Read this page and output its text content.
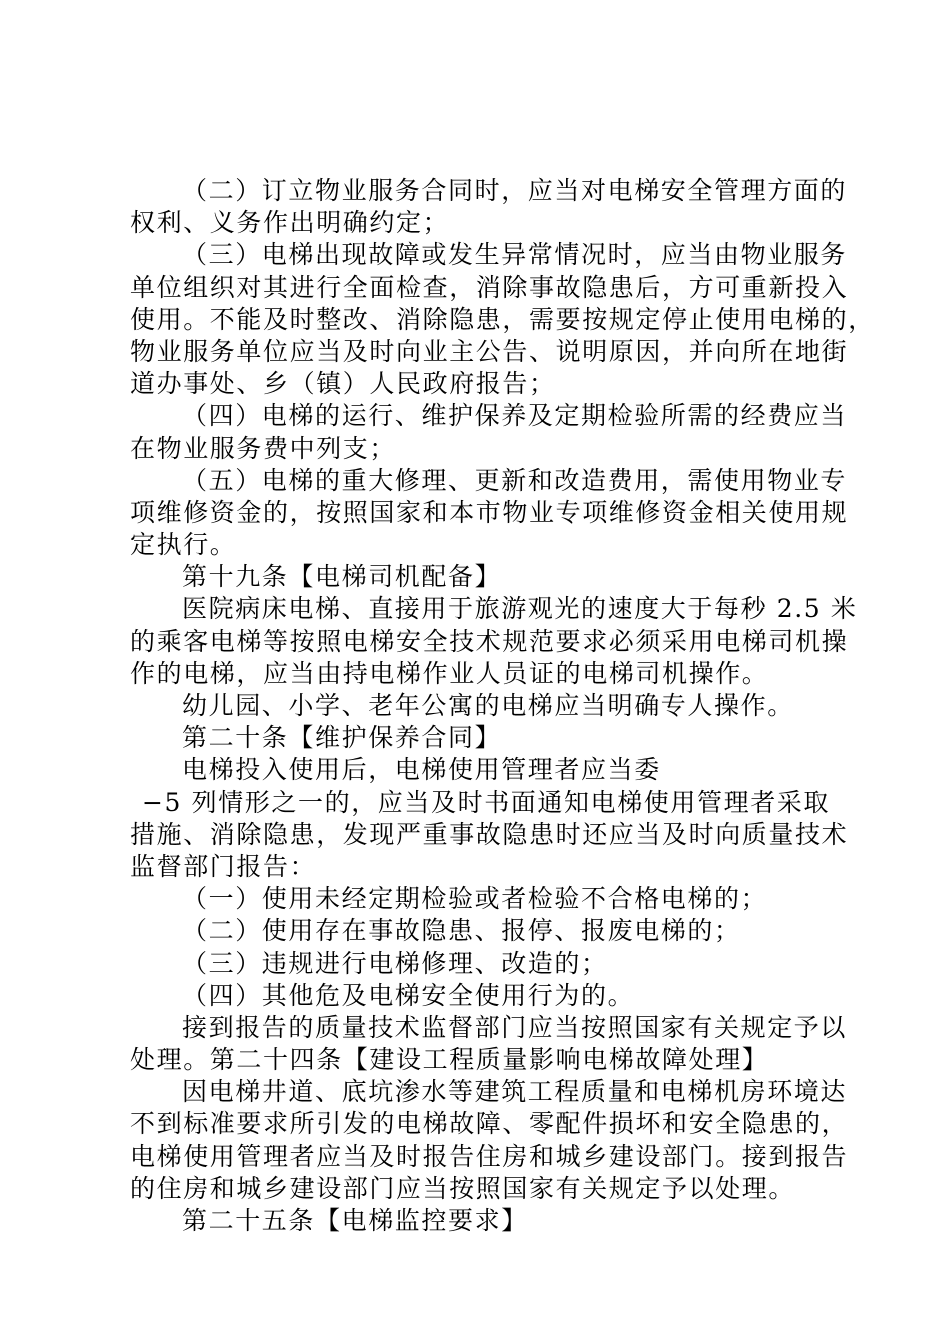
（二）订立物业服务合同时，应当对电梯安全管理方面的
权利、义务作出明确约定；
（三）电梯出现故障或发生异常情况时，应当由物业服务
单位组织对其进行全面检查，消除事故隐患后，方可重新投入
使用。不能及时整改、消除隐患，需要按规定停止使用电梯的，
物业服务单位应当及时向业主公告、说明原因，并向所在地街
道办事处、乡（镇）人民政府报告；
（四）电梯的运行、维护保养及定期检验所需的经费应当
在物业服务费中列支；
（五）电梯的重大修理、更新和改造费用，需使用物业专
项维修资金的，按照国家和本市物业专项维修资金相关使用规
定执行。
第十九条【电梯司机配备】
医院病床电梯、直接用于旅游观光的速度大于每秒 2.5 米
的乘客电梯等按照电梯安全技术规范要求必须采用电梯司机操
作的电梯，应当由持电梯作业人员证的电梯司机操作。
幼儿园、小学、老年公寓的电梯应当明确专人操作。
第二十条【维护保养合同】
电梯投入使用后，电梯使用管理者应当委
−5 列情形之一的，应当及时书面通知电梯使用管理者采取
措施、消除隐患，发现严重事故隐患时还应当及时向质量技术
监督部门报告：
（一）使用未经定期检验或者检验不合格电梯的；
（二）使用存在事故隐患、报停、报废电梯的；
（三）违规进行电梯修理、改造的；
（四）其他危及电梯安全使用行为的。
接到报告的质量技术监督部门应当按照国家有关规定予以
处理。第二十四条【建设工程质量影响电梯故障处理】
因电梯井道、底坑渗水等建筑工程质量和电梯机房环境达
不到标准要求所引发的电梯故障、零配件损坏和安全隐患的，
电梯使用管理者应当及时报告住房和城乡建设部门。接到报告
的住房和城乡建设部门应当按照国家有关规定予以处理。
第二十五条【电梯监控要求】
